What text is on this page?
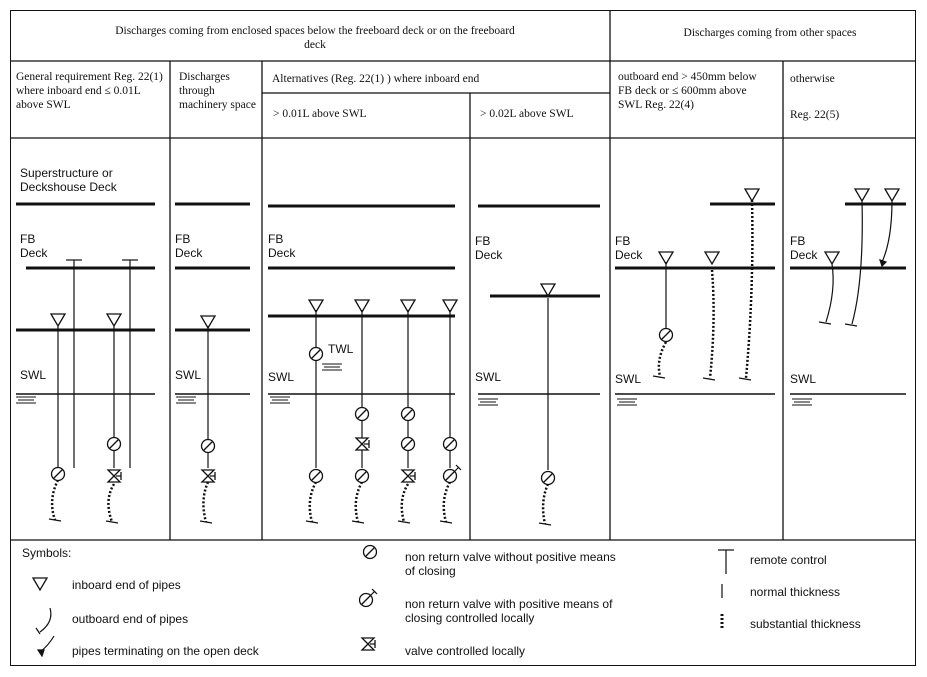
Discharges coming from enclosed spaces below the freeboard deck or on the freeboard deck
Discharges coming from other spaces
General requirement Reg. 22(1) where inboard end ≤ 0.01L above SWL
Discharges through machinery space
Alternatives (Reg. 22(1) ) where inboard end
> 0.01L above SWL	> 0.02L above SWL
outboard end > 450mm below FB deck or ≤ 600mm above SWL Reg. 22(4)
otherwise
Reg. 22(5)
Superstructure or Deckshouse Deck
FB Deck
FB Deck
FB Deck
FB Deck
FB Deck
FB Deck
SWL	SWL	SWL	SWL	SWL	SWL
TWL
Symbols:
inboard end of pipes
outboard end of pipes
pipes terminating on the open deck
non return valve without positive means of closing
non return valve with positive means of closing controlled locally
valve controlled locally
remote control
normal thickness
substantial thickness
